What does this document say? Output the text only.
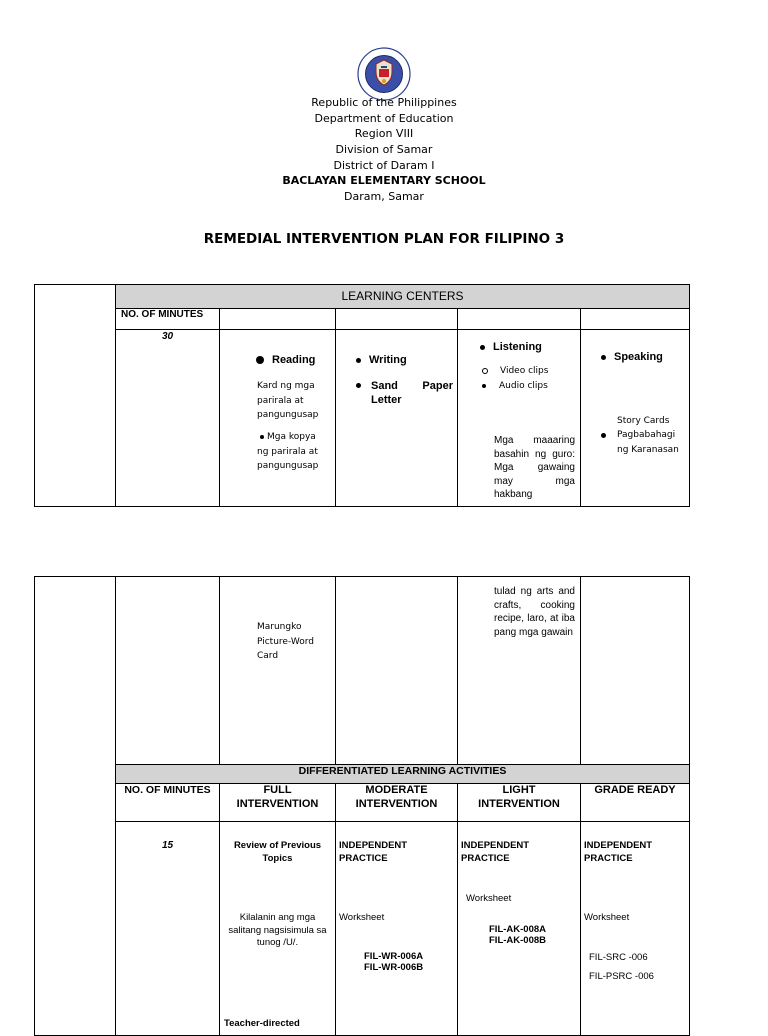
Republic of the Philippines
Department of Education
Region VIII
Division of Samar
District of Daram I
BACLAYAN ELEMENTARY SCHOOL
Daram, Samar
REMEDIAL INTERVENTION PLAN FOR FILIPINO 3
LEARNING CENTERS
NO. OF MINUTES
30
Reading
Kard ng mga parirala at pangungusap
Mga kopya ng parirala at pangungusap
Writing
Sand Paper Letter
Listening
Video clips
Audio clips
Mga maaaring basahin ng guro: Mga gawaing may mga hakbang
Speaking
Story Cards
Pagbabahagi ng Karanasan
Marungko Picture-Word Card
tulad ng arts and crafts, cooking recipe, laro, at iba pang mga gawain
DIFFERENTIATED LEARNING ACTIVITIES
NO. OF MINUTES	FULL INTERVENTION
MODERATE INTERVENTION
LIGHT INTERVENTION
GRADE READY
15	Review of Previous Topics
Kilalanin ang mga salitang nagsisimula sa tunog /U/.
Teacher-directed
INDEPENDENT PRACTICE
Worksheet
FIL-WR-006A
FIL-WR-006B
INDEPENDENT PRACTICE
Worksheet
FIL-AK-008A
FIL-AK-008B
INDEPENDENT PRACTICE
Worksheet
FIL-SRC -006
FIL-PSRC -006
